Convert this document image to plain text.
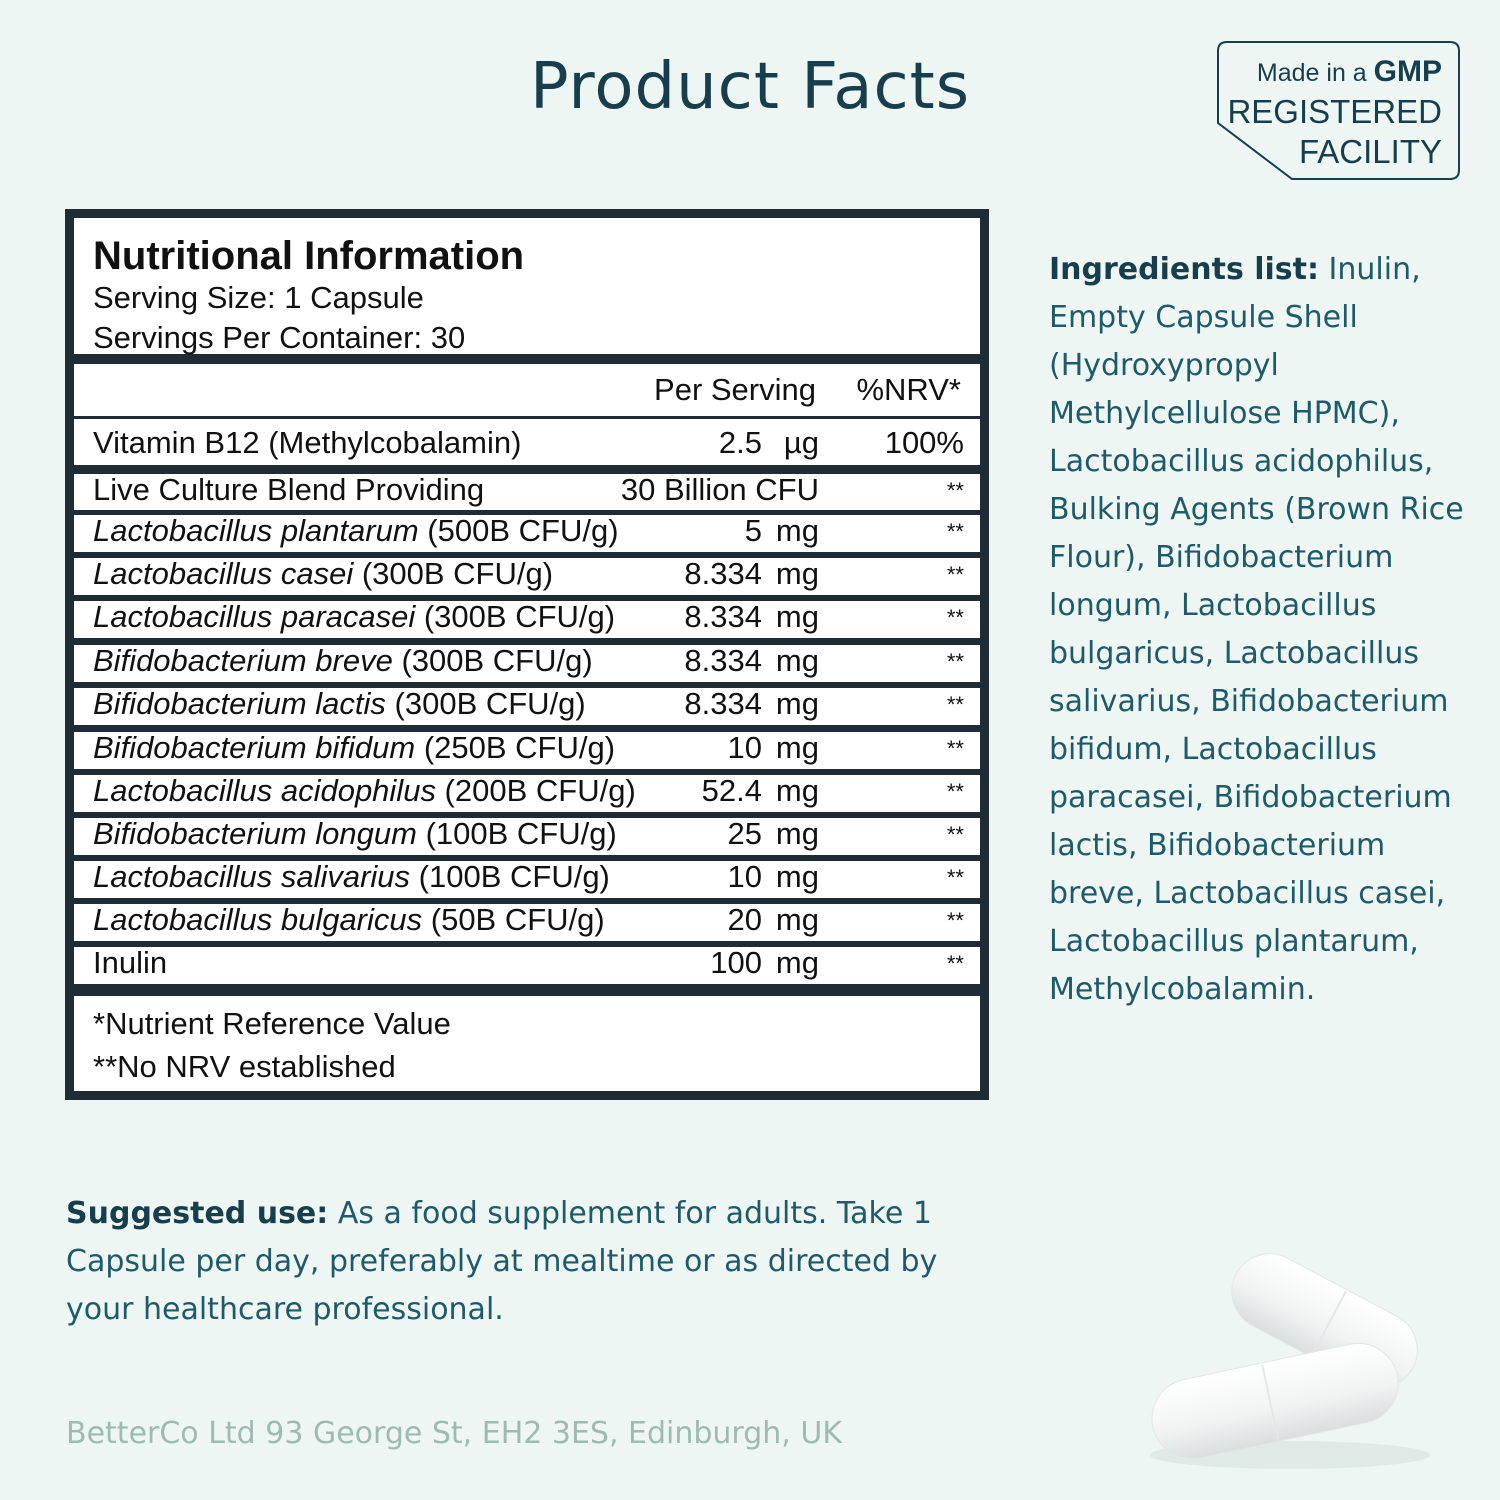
Product Facts	Made in a GMP
REGISTERED
FACILITY
Nutritional Information
Serving Size: 1 Capsule
Servings Per Container: 30
Per Serving %NRV*
Vitamin B12 (Methylcobalamin)	2.5 µg 100%
Live Culture Blend Providing	30 Billion CFU	**
Lactobacillus plantarum (500B CFU/g)	5 mg	**
Lactobacillus casei (300B CFU/g)	8.334 mg	**
Lactobacillus paracasei (300B CFU/g) 8.334 mg	**
Bifidobacterium breve (300B CFU/g)	8.334 mg	**
Bifidobacterium lactis (300B CFU/g)	8.334 mg	**
Bifidobacterium bifidum (250B CFU/g)	10 mg	**
Lactobacillus acidophilus (200B CFU/g) 52.4 mg	**
Bifidobacterium longum (100B CFU/g)	25 mg	**
Lactobacillus salivarius (100B CFU/g)	10 mg	**
Lactobacillus bulgaricus (50B CFU/g)	20 mg	**
Inulin	100 mg	**
*Nutrient Reference Value
**No NRV established
Ingredients list: Inulin, Empty Capsule Shell (Hydroxypropyl Methylcellulose HPMC), Lactobacillus acidophilus, Bulking Agents (Brown Rice Flour), Bifidobacterium longum, Lactobacillus bulgaricus, Lactobacillus salivarius, Bifidobacterium bifidum, Lactobacillus paracasei, Bifidobacterium lactis, Bifidobacterium breve, Lactobacillus casei, Lactobacillus plantarum, Methylcobalamin.
Suggested use: As a food supplement for adults. Take 1 Capsule per day, preferably at mealtime or as directed by your healthcare professional.
BetterCo Ltd 93 George St, EH2 3ES, Edinburgh, UK
